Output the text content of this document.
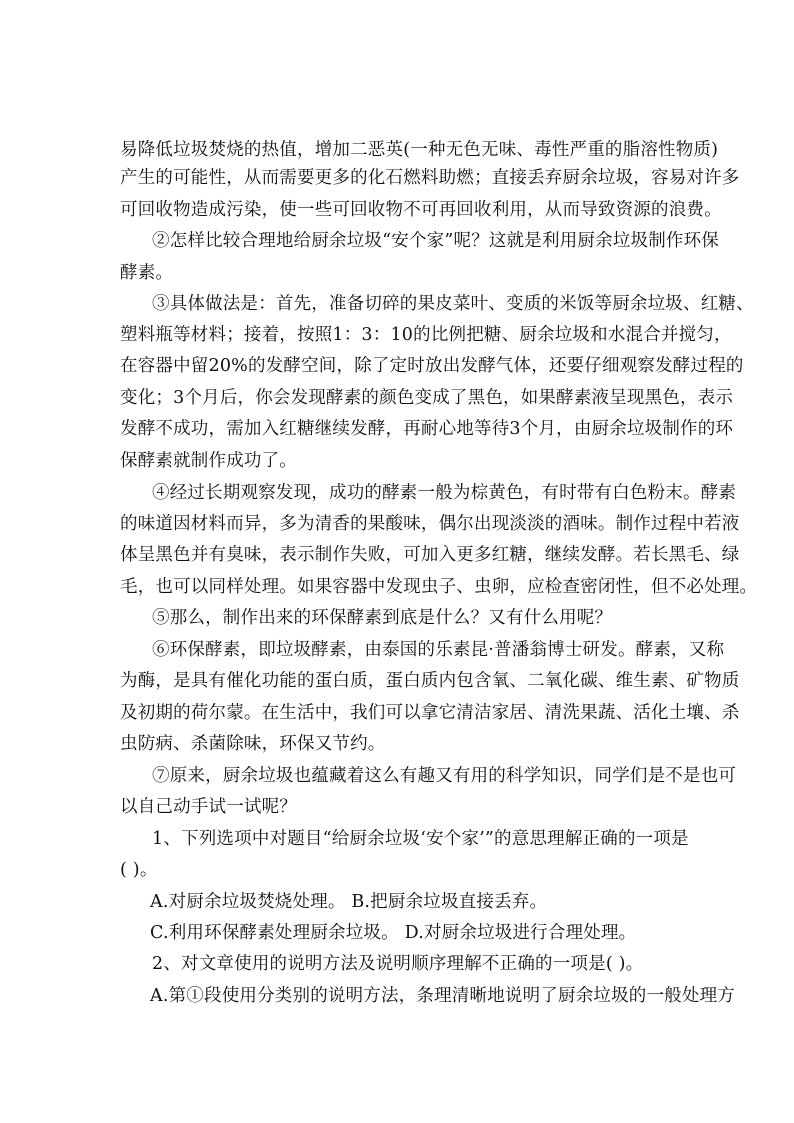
易降低垃圾焚烧的热值，增加二恶英(一种无色无味、毒性严重的脂溶性物质)
产生的可能性，从而需要更多的化石燃料助燃；直接丢弃厨余垃圾，容易对许多
可回收物造成污染，使一些可回收物不可再回收利用，从而导致资源的浪费。
②怎样比较合理地给厨余垃圾“安个家”呢？这就是利用厨余垃圾制作环保
酵素。
③具体做法是：首先，准备切碎的果皮菜叶、变质的米饭等厨余垃圾、红糖、
塑料瓶等材料；接着，按照1：3：10的比例把糖、厨余垃圾和水混合并搅匀，
在容器中留20%的发酵空间，除了定时放出发酵气体，还要仔细观察发酵过程的
变化；3个月后，你会发现酵素的颜色变成了黑色，如果酵素液呈现黑色，表示
发酵不成功，需加入红糖继续发酵，再耐心地等待3个月，由厨余垃圾制作的环
保酵素就制作成功了。
④经过长期观察发现，成功的酵素一般为棕黄色，有时带有白色粉末。酵素
的味道因材料而异，多为清香的果酸味，偶尔出现淡淡的酒味。制作过程中若液
体呈黑色并有臭味，表示制作失败，可加入更多红糖，继续发酵。若长黑毛、绿
毛，也可以同样处理。如果容器中发现虫子、虫卵，应检查密闭性，但不必处理。
⑤那么，制作出来的环保酵素到底是什么？又有什么用呢？
⑥环保酵素，即垃圾酵素，由泰国的乐素昆·普潘翁博士研发。酵素，又称
为酶，是具有催化功能的蛋白质，蛋白质内包含氧、二氧化碳、维生素、矿物质
及初期的荷尔蒙。在生活中，我们可以拿它清洁家居、清洗果蔬、活化土壤、杀
虫防病、杀菌除味，环保又节约。
⑦原来，厨余垃圾也蕴藏着这么有趣又有用的科学知识，同学们是不是也可
以自己动手试一试呢？
1、下列选项中对题目“给厨余垃圾‘安个家’”的意思理解正确的一项是
( )。
A.对厨余垃圾焚烧处理。 B.把厨余垃圾直接丢弃。
C.利用环保酵素处理厨余垃圾。 D.对厨余垃圾进行合理处理。
2、对文章使用的说明方法及说明顺序理解不正确的一项是( )。
A.第①段使用分类别的说明方法，条理清晰地说明了厨余垃圾的一般处理方
